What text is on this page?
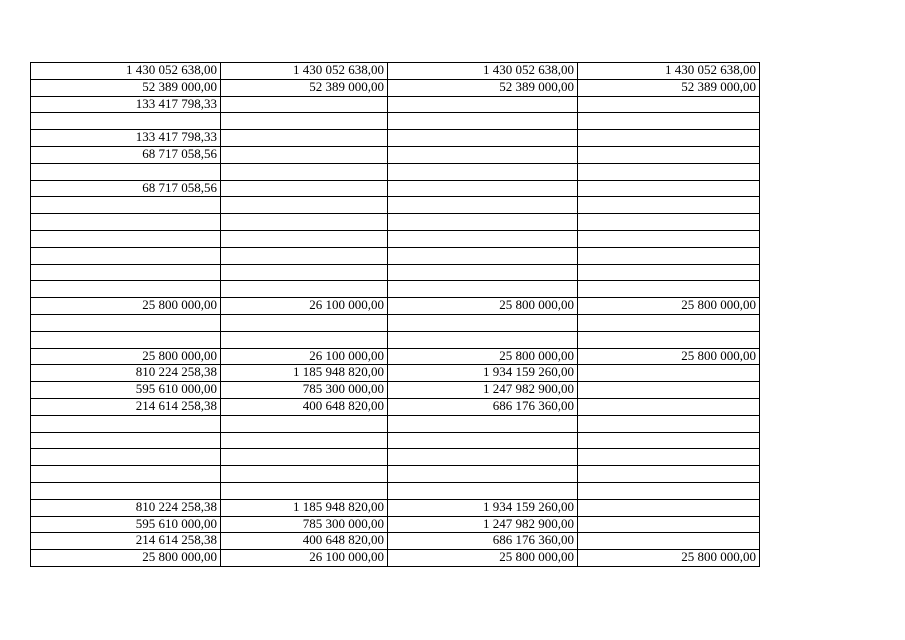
1 430 052 638,00	1 430 052 638,00	1 430 052 638,00	1 430 052 638,00
52 389 000,00	52 389 000,00	52 389 000,00	52 389 000,00
133 417 798,33			

133 417 798,33			
68 717 058,56			

68 717 058,56			

25 800 000,00	26 100 000,00	25 800 000,00	25 800 000,00

25 800 000,00	26 100 000,00	25 800 000,00	25 800 000,00
810 224 258,38	1 185 948 820,00	1 934 159 260,00	
595 610 000,00	785 300 000,00	1 247 982 900,00	
214 614 258,38	400 648 820,00	686 176 360,00	

810 224 258,38	1 185 948 820,00	1 934 159 260,00	
595 610 000,00	785 300 000,00	1 247 982 900,00	
214 614 258,38	400 648 820,00	686 176 360,00	
25 800 000,00	26 100 000,00	25 800 000,00	25 800 000,00
